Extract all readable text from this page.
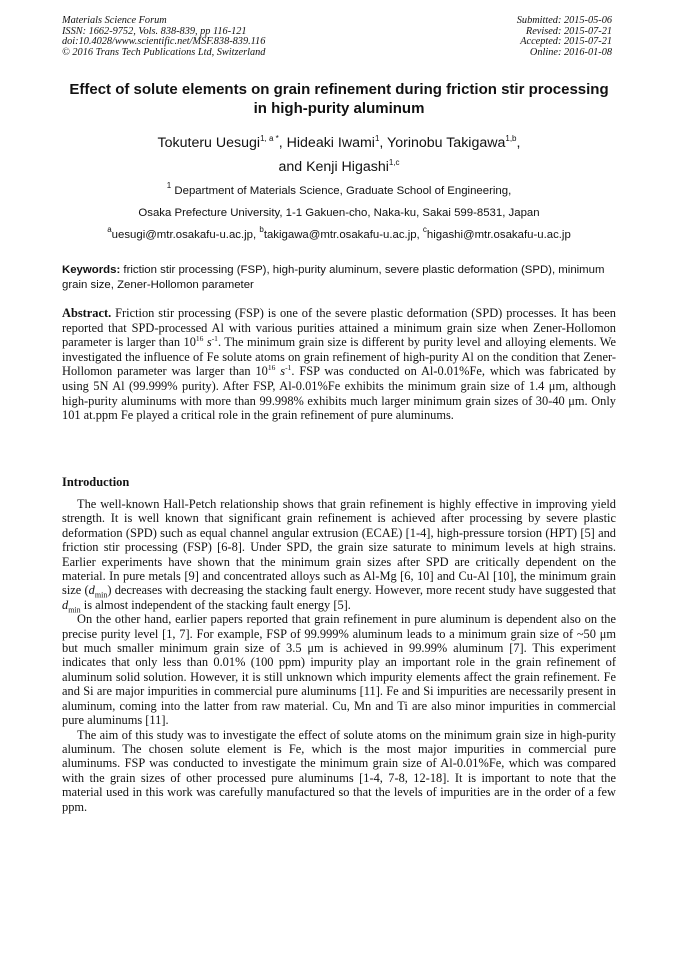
Materials Science Forum
ISSN: 1662-9752, Vols. 838-839, pp 116-121
doi:10.4028/www.scientific.net/MSF.838-839.116
© 2016 Trans Tech Publications Ltd, Switzerland
Submitted: 2015-05-06
Revised: 2015-07-21
Accepted: 2015-07-21
Online: 2016-01-08
Effect of solute elements on grain refinement during friction stir processing in high-purity aluminum
Tokuteru Uesugi$^{1, a *}$, Hideaki Iwami$^1$, Yorinobu Takigawa$^{1,b}$,
and Kenji Higashi$^{1,c}$
$^1$ Department of Materials Science, Graduate School of Engineering,
Osaka Prefecture University, 1-1 Gakuen-cho, Naka-ku, Sakai 599-8531, Japan
$^a$uesugi@mtr.osakafu-u.ac.jp, $^b$takigawa@mtr.osakafu-u.ac.jp, $^c$higashi@mtr.osakafu-u.ac.jp
Keywords: friction stir processing (FSP), high-purity aluminum, severe plastic deformation (SPD), minimum grain size, Zener-Hollomon parameter
Abstract. Friction stir processing (FSP) is one of the severe plastic deformation (SPD) processes. It has been reported that SPD-processed Al with various purities attained a minimum grain size when Zener-Hollomon parameter is larger than $10^{16}$ $s^{-1}$. The minimum grain size is different by purity level and alloying elements. We investigated the influence of Fe solute atoms on grain refinement of high-purity Al on the condition that Zener-Hollomon parameter was larger than $10^{16}$ $s^{-1}$. FSP was conducted on Al-0.01%Fe, which was fabricated by using 5N Al (99.999% purity). After FSP, Al-0.01%Fe exhibits the minimum grain size of 1.4 μm, although high-purity aluminums with more than 99.998% exhibits much larger minimum grain sizes of 30-40 μm. Only 101 at.ppm Fe played a critical role in the grain refinement of pure aluminums.
Introduction

The well-known Hall-Petch relationship shows that grain refinement is highly effective in improving yield strength. It is well known that significant grain refinement is achieved after processing by severe plastic deformation (SPD) such as equal channel angular extrusion (ECAE) [1-4], high-pressure torsion (HPT) [5] and friction stir processing (FSP) [6-8]. Under SPD, the grain size saturate to minimum levels at high strains. Earlier experiments have shown that the minimum grain sizes after SPD are critically dependent on the material. In pure metals [9] and concentrated alloys such as Al-Mg [6, 10] and Cu-Al [10], the minimum grain size $(d_{min})$ decreases with decreasing the stacking fault energy. However, more recent study have suggested that $d_{min}$ is almost independent of the stacking fault energy [5].

On the other hand, earlier papers reported that grain refinement in pure aluminum is dependent also on the precise purity level [1, 7]. For example, FSP of 99.999% aluminum leads to a minimum grain size of ~50 μm but much smaller minimum grain size of 3.5 μm is achieved in 99.99% aluminum [7]. This experiment indicates that only less than 0.01% (100 ppm) impurity play an important role in the grain refinement of aluminum solid solution. However, it is still unknown which impurity elements affect the grain refinement. Fe and Si are major impurities in commercial pure aluminums [11]. Fe and Si impurities are necessarily present in aluminum, coming into the latter from raw material. Cu, Mn and Ti are also minor impurities in commercial pure aluminums [11].

The aim of this study was to investigate the effect of solute atoms on the minimum grain size in high-purity aluminum. The chosen solute element is Fe, which is the most major impurities in commercial pure aluminums. FSP was conducted to investigate the minimum grain size of Al-0.01%Fe, which was compared with the grain sizes of other processed pure aluminums [1-4, 7-8, 12-18]. It is important to note that the material used in this work was carefully manufactured so that the levels of impurities are in the order of a few ppm.
